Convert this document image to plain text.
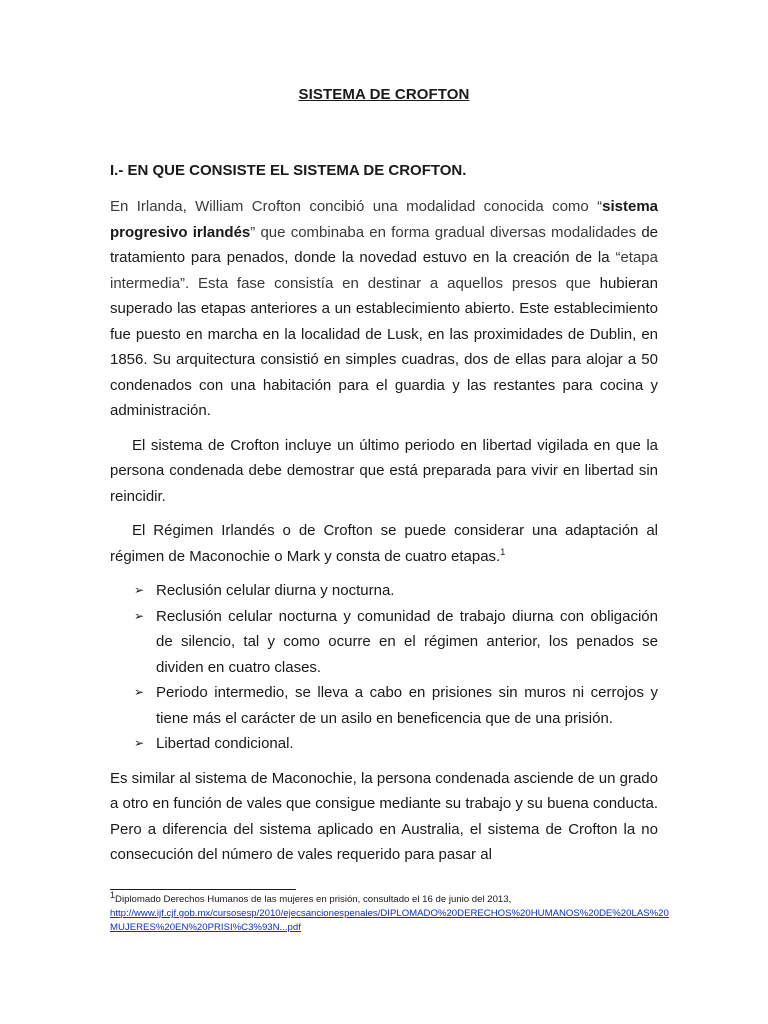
SISTEMA DE CROFTON
I.- EN QUE CONSISTE EL SISTEMA DE CROFTON.

En Irlanda, William Crofton concibió una modalidad conocida como “sistema progresivo irlandés” que combinaba en forma gradual diversas modalidades de tratamiento para penados, donde la novedad estuvo en la creación de la “etapa intermedia”. Esta fase consistía en destinar a aquellos presos que hubieran superado las etapas anteriores a un establecimiento abierto. Este establecimiento fue puesto en marcha en la localidad de Lusk, en las proximidades de Dublin, en 1856. Su arquitectura consistió en simples cuadras, dos de ellas para alojar a 50 condenados con una habitación para el guardia y las restantes para cocina y administración.

El sistema de Crofton incluye un último periodo en libertad vigilada en que la persona condenada debe demostrar que está preparada para vivir en libertad sin reincidir.

El Régimen Irlandés o de Crofton se puede considerar una adaptación al régimen de Maconochie o Mark y consta de cuatro etapas.$^1$

➢ Reclusión celular diurna y nocturna.
➢ Reclusión celular nocturna y comunidad de trabajo diurna con obligación de silencio, tal y como ocurre en el régimen anterior, los penados se dividen en cuatro clases.
➢ Periodo intermedio, se lleva a cabo en prisiones sin muros ni cerrojos y tiene más el carácter de un asilo en beneficencia que de una prisión.
➢ Libertad condicional.

Es similar al sistema de Maconochie, la persona condenada asciende de un grado a otro en función de vales que consigue mediante su trabajo y su buena conducta. Pero a diferencia del sistema aplicado en Australia, el sistema de Crofton la no consecución del número de vales requerido para pasar al

$^1$Diplomado Derechos Humanos de las mujeres en prisión, consultado el 16 de junio del 2013,
http://www.ijf.cjf.gob.mx/cursosesp/2010/ejecsancionespenales/DIPLOMADO%20DERECHOS%20HUMANOS%20DE%20LAS%20MUJERES%20EN%20PRISI%C3%93N...pdf
